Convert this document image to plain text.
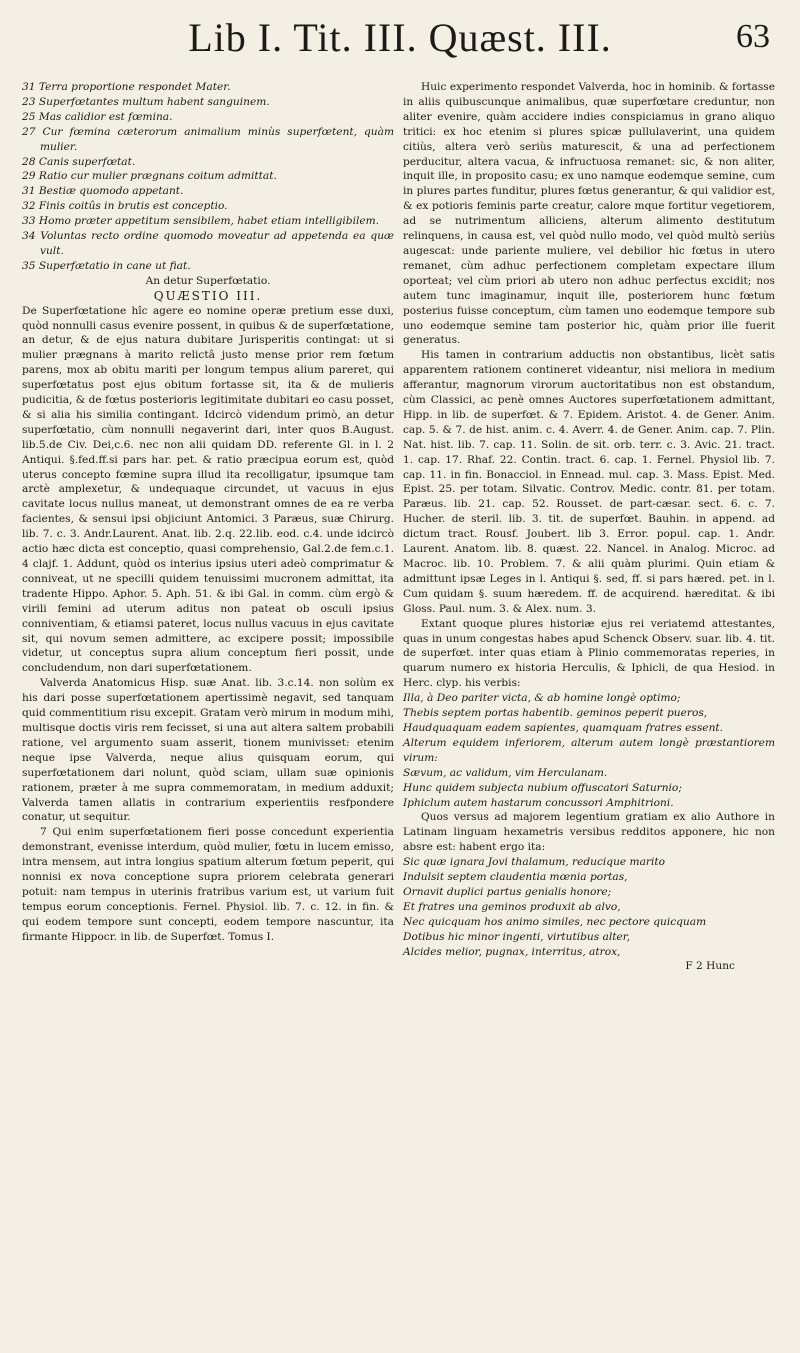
Lib I. Tit. III. Quæst. III.	63

31 Terra proportione respondet Mater.

23 Superfœtantes multum habent sanguinem.

25 Mas calidior est fœmina.

27 Cur fœmina cæterorum animalium minùs superfœtent, quàm mulier.

28 Canis superfœtat.

29 Ratio cur mulier prægnans coitum admittat.

31 Bestiæ quomodo appetant.

32 Finis coitûs in brutis est conceptio.

33 Homo præter appetitum sensibilem, habet etiam intelligibilem.

34 Voluntas recto ordine quomodo moveatur ad appetenda ea quæ vult.

35 Superfætatio in cane ut fiat.

An detur Superfœtatio.

QUÆSTIO III.

De Superfœtatione hîc agere eo nomine operæ pretium esse duxi, quòd nonnulli casus evenire possent, in quibus & de superfœtatione, an detur, & de ejus natura dubitare Jurisperitis contingat: ut si mulier prægnans à marito relictâ justo mense prior rem fœtum parens, mox ab obitu mariti per longum tempus alium pareret, qui superfœtatus post ejus obitum fortasse sit, ita & de mulieris pudicitia, & de fœtus posterioris legitimitate dubitari eo casu posset, & si alia his similia contingant. Idcircò videndum primò, an detur superfœtatio, cùm nonnulli negaverint dari, inter quos B.August. lib.5.de Civ. Dei,c.6. nec non alii quidam DD. referente Gl. in l. 2 Antiqui. §.fed.ff.si pars har. pet. & ratio præcipua eorum est, quòd uterus concepto fœmine supra illud ita recolligatur, ipsumque tam arctè amplexetur, & undequaque circundet, ut vacuus in ejus cavitate locus nullus maneat, ut demonstrant omnes de ea re verba facientes, & sensui ipsi objiciunt Antomici. 3 Paræus, suæ Chirurg. lib. 7. c. 3. Andr.Laurent. Anat. lib. 2.q. 22.lib. eod. c.4. unde idcircò actio hæc dicta est conceptio, quasi comprehensio, Gal.2.de fem.c.1. 4 clajf. 1. Addunt, quòd os interius ipsius uteri adeò comprimatur & conniveat, ut ne specilli quidem tenuissimi mucronem admittat, ita tradente Hippo. Aphor. 5. Aph. 51. & ibi Gal. in comm. cùm ergò & virili femini ad uterum aditus non pateat ob osculi ipsius conniventiam, & etiamsi pateret, locus nullus vacuus in ejus cavitate sit, qui novum semen admittere, ac excipere possit; impossibile videtur, ut conceptus supra alium conceptum fieri possit, unde concludendum, non dari superfœtationem.

Valverda Anatomicus Hisp. suæ Anat. lib. 3.c.14. non solùm ex his dari posse superfœtationem apertissimè negavit, sed tanquam quid commentitium risu excepit. Gratam verò mirum in modum mihi, multisque doctis viris rem fecisset, si una aut altera saltem probabili ratione, vel argumento suam asserit, tionem munivisset: etenim neque ipse Valverda, neque alius quisquam eorum, qui superfœtationem dari nolunt, quòd sciam, ullam suæ opinionis rationem, præter à me supra commemoratam, in medium adduxit; Valverda tamen allatis in contrarium experientiis resfpondere conatur, ut sequitur.

7 Qui enim superfœtationem fieri posse concedunt experientia demonstrant, evenisse interdum, quòd mulier, fœtu in lucem emisso, intra mensem, aut intra longius spatium alterum fœtum peperit, qui nonnisi ex nova conceptione supra priorem celebrata generari potuit: nam tempus in uterinis fratribus varium est, ut varium fuit tempus eorum conceptionis. Fernel. Physiol. lib. 7. c. 12. in fin. & qui eodem tempore sunt concepti, eodem tempore nascuntur, ita firmante Hippocr. in lib. de Superfœt. Tomus I.

Huic experimento respondet Valverda, hoc in hominib. & fortasse in aliis quibuscunque animalibus, quæ superfœtare creduntur, non aliter evenire, quàm accidere indies conspiciamus in grano aliquo tritici: ex hoc etenim si plures spicæ pullulaverint, una quidem citiùs, altera verò seriùs maturescit, & una ad perfectionem perducitur, altera vacua, & infructuosa remanet: sic, & non aliter, inquit ille, in proposito casu; ex uno namque eodemque semine, cum in plures partes funditur, plures fœtus generantur, & qui validior est, & ex potioris feminis parte creatur, calore mque fortitur vegetiorem, ad se nutrimentum alliciens, alterum alimento destitutum relinquens, in causa est, vel quòd nullo modo, vel quòd multò seriùs augescat: unde pariente muliere, vel debilior hic fœtus in utero remanet, cùm adhuc perfectionem completam expectare illum oporteat; vel cùm priori ab utero non adhuc perfectus excidit; nos autem tunc imaginamur, inquit ille, posteriorem hunc fœtum posterius fuisse conceptum, cùm tamen uno eodemque tempore sub uno eodemque semine tam posterior hic, quàm prior ille fuerit generatus.

His tamen in contrarium adductis non obstantibus, licèt satis apparentem rationem contineret videantur, nisi meliora in medium afferantur, magnorum virorum auctoritatibus non est obstandum, cùm Classici, ac penè omnes Auctores superfœtationem admittant, Hipp. in lib. de superfœt. & 7. Epidem. Aristot. 4. de Gener. Anim. cap. 5. & 7. de hist. anim. c. 4. Averr. 4. de Gener. Anim. cap. 7. Plin. Nat. hist. lib. 7. cap. 11. Solin. de sit. orb. terr. c. 3. Avic. 21. tract. 1. cap. 17. Rhaf. 22. Contin. tract. 6. cap. 1. Fernel. Physiol lib. 7. cap. 11. in fin. Bonacciol. in Ennead. mul. cap. 3. Mass. Epist. Med. Epist. 25. per totam. Silvatic. Controv. Medic. contr. 81. per totam. Paræus. lib. 21. cap. 52. Rousset. de part-cæsar. sect. 6. c. 7. Hucher. de steril. lib. 3. tit. de superfœt. Bauhin. in append. ad dictum tract. Rousf. Joubert. lib 3. Error. popul. cap. 1. Andr. Laurent. Anatom. lib. 8. quæst. 22. Nancel. in Analog. Microc. ad Macroc. lib. 10. Problem. 7. & alii quàm plurimi. Quin etiam & admittunt ipsæ Leges in l. Antiqui §. sed, ff. si pars hæred. pet. in l. Cum quidam §. suum hæredem. ff. de acquirend. hæreditat. & ibi Gloss. Paul. num. 3. & Alex. num. 3.

Extant quoque plures historiæ ejus rei veriatemd attestantes, quas in unum congestas habes apud Schenck Observ. suar. lib. 4. tit. de superfœt. inter quas etiam à Plinio commemoratas reperies, in quarum numero ex historia Herculis, & Iphicli, de qua Hesiod. in Herc. clyp. his verbis:

Illa, à Deo pariter victa, & ab homine longè optimo;

Thebis septem portas habentib. geminos peperit pueros,

Haudquaquam eadem sapientes, quamquam fratres essent.

Alterum equidem inferiorem, alterum autem longè præstantiorem virum:

Sævum, ac validum, vim Herculanam.

Hunc quidem subjecta nubium offuscatori Saturnio;

Iphiclum autem hastarum concussori Amphitrioni.

Quos versus ad majorem legentium gratiam ex alio Authore in Latinam linguam hexametris versibus redditos apponere, hic non absre est: habent ergo ita:

Sic quæ ignara Jovi thalamum, reducique marito

Indulsit septem claudentia mœnia portas,

Ornavit duplici partus genialis honore;

Et fratres una geminos produxit ab alvo,

Nec quicquam hos animo similes, nec pectore quicquam

Dotibus hic minor ingenti, virtutibus alter,

Alcides melior, pugnax, interritus, atrox,

F 2 Hunc
